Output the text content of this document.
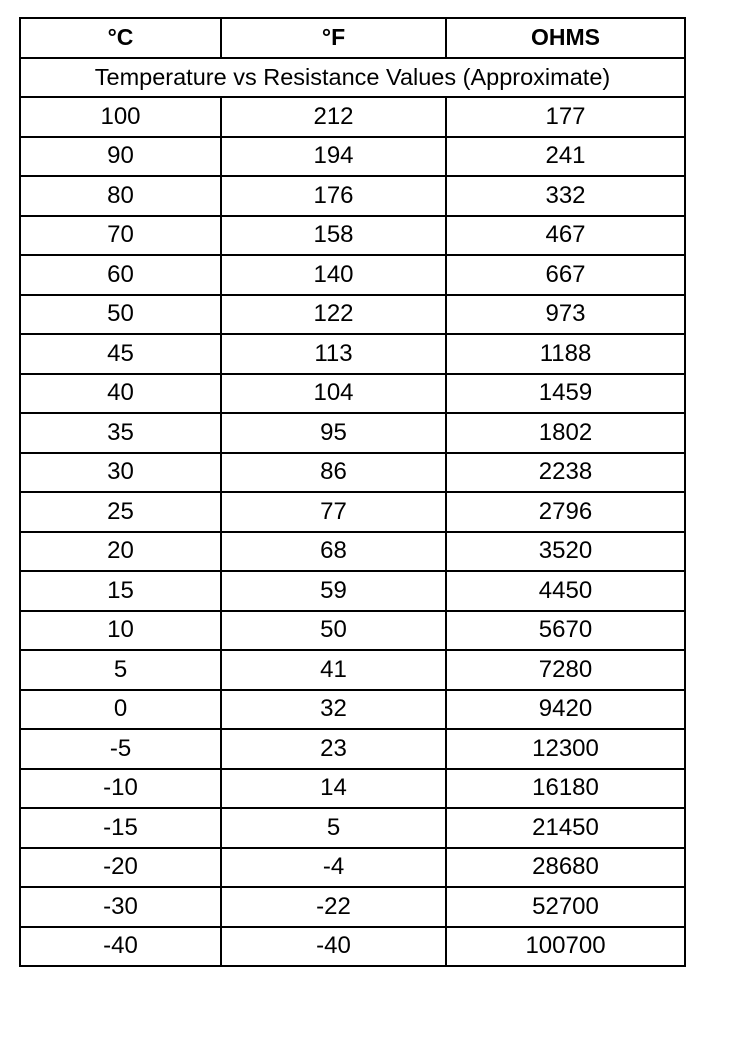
°C	°F	OHMS
Temperature vs Resistance Values (Approximate)		
100	212	177
90	194	241
80	176	332
70	158	467
60	140	667
50	122	973
45	113	1188
40	104	1459
35	95	1802
30	86	2238
25	77	2796
20	68	3520
15	59	4450
10	50	5670
5	41	7280
0	32	9420
-5	23	12300
-10	14	16180
-15	5	21450
-20	-4	28680
-30	-22	52700
-40	-40	100700
